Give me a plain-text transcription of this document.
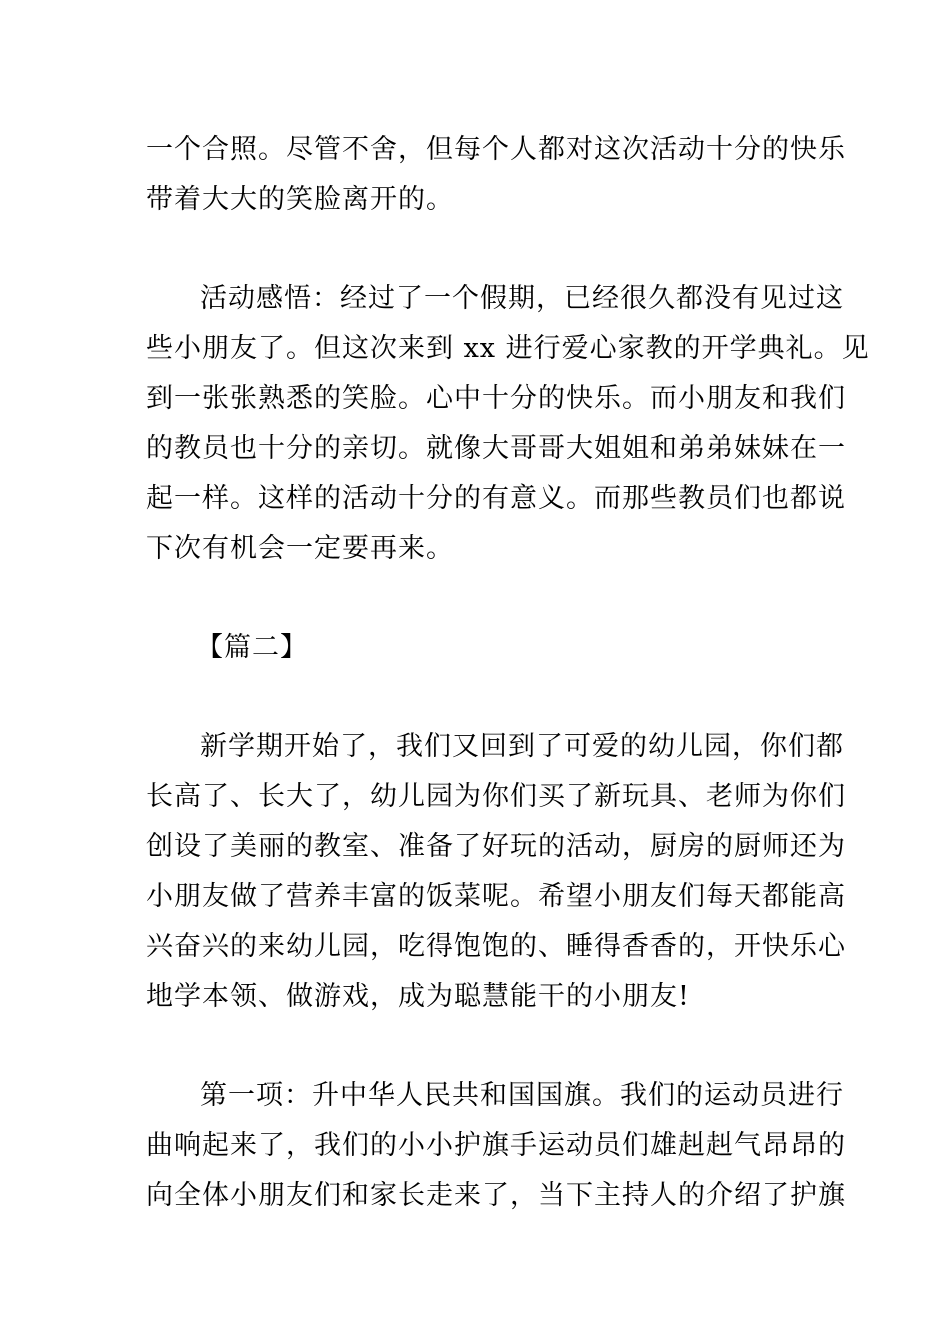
一个合照。尽管不舍，但每个人都对这次活动十分的快乐
带着大大的笑脸离开的。
活动感悟：经过了一个假期，已经很久都没有见过这
些小朋友了。但这次来到 xx 进行爱心家教的开学典礼。见
到一张张熟悉的笑脸。心中十分的快乐。而小朋友和我们
的教员也十分的亲切。就像大哥哥大姐姐和弟弟妹妹在一
起一样。这样的活动十分的有意义。而那些教员们也都说
下次有机会一定要再来。
【篇二】
新学期开始了，我们又回到了可爱的幼儿园，你们都
长高了、长大了，幼儿园为你们买了新玩具、老师为你们
创设了美丽的教室、准备了好玩的活动，厨房的厨师还为
小朋友做了营养丰富的饭菜呢。希望小朋友们每天都能高
兴奋兴的来幼儿园，吃得饱饱的、睡得香香的，开快乐心
地学本领、做游戏，成为聪慧能干的小朋友!
第一项：升中华人民共和国国旗。我们的运动员进行
曲响起来了，我们的小小护旗手运动员们雄赳赳气昂昂的
向全体小朋友们和家长走来了，当下主持人的介绍了护旗
